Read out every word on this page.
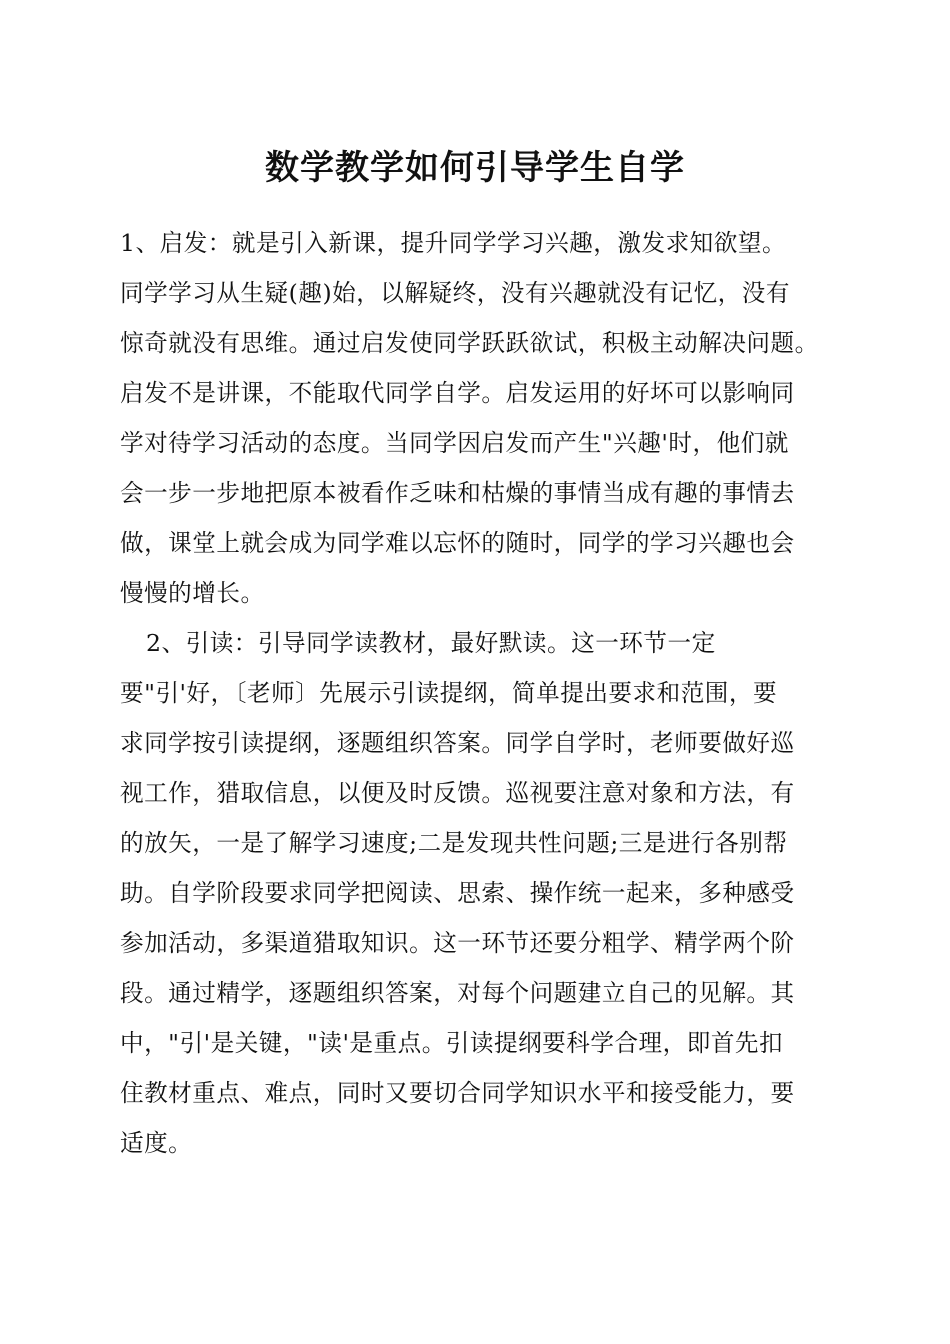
数学教学如何引导学生自学

1、启发：就是引入新课，提升同学学习兴趣，激发求知欲望。

同学学习从生疑(趣)始，以解疑终，没有兴趣就没有记忆，没有

惊奇就没有思维。通过启发使同学跃跃欲试，积极主动解决问题。

启发不是讲课，不能取代同学自学。启发运用的好坏可以影响同

学对待学习活动的态度。当同学因启发而产生"兴趣'时，他们就

会一步一步地把原本被看作乏味和枯燥的事情当成有趣的事情去

做，课堂上就会成为同学难以忘怀的随时，同学的学习兴趣也会

慢慢的增长。

2、引读：引导同学读教材，最好默读。这一环节一定

要"引'好，〔老师〕先展示引读提纲，简单提出要求和范围，要

求同学按引读提纲，逐题组织答案。同学自学时，老师要做好巡

视工作，猎取信息，以便及时反馈。巡视要注意对象和方法，有

的放矢，一是了解学习速度;二是发现共性问题;三是进行各别帮

助。自学阶段要求同学把阅读、思索、操作统一起来，多种感受

参加活动，多渠道猎取知识。这一环节还要分粗学、精学两个阶

段。通过精学，逐题组织答案，对每个问题建立自己的见解。其

中，"引'是关键，"读'是重点。引读提纲要科学合理，即首先扣

住教材重点、难点，同时又要切合同学知识水平和接受能力，要

适度。
